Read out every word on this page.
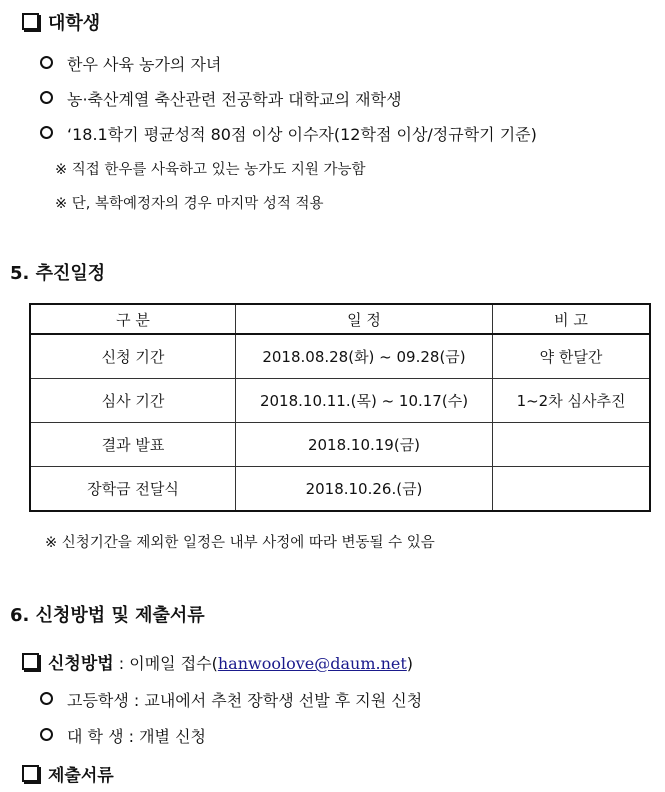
대학생
한우 사육 농가의 자녀
농·축산계열 축산관련 전공학과 대학교의 재학생
‘18.1학기 평균성적 80점 이상 이수자(12학점 이상/정규학기 기준)
※ 직접 한우를 사육하고 있는 농가도 지원 가능함
※ 단, 복학예정자의 경우 마지막 성적 적용
5. 추진일정
구 분	일 정	비 고
신청 기간	2018.08.28(화) ~ 09.28(금)	약 한달간
심사 기간	2018.10.11.(목) ~ 10.17(수)	1~2차 심사추진
결과 발표	2018.10.19(금)	
장학금 전달식	2018.10.26.(금)	
※ 신청기간을 제외한 일정은 내부 사정에 따라 변동될 수 있음
6. 신청방법 및 제출서류
신청방법 : 이메일 접수(hanwoolove@daum.net)
고등학생 : 교내에서 추천 장학생 선발 후 지원 신청
대 학 생 : 개별 신청
제출서류
